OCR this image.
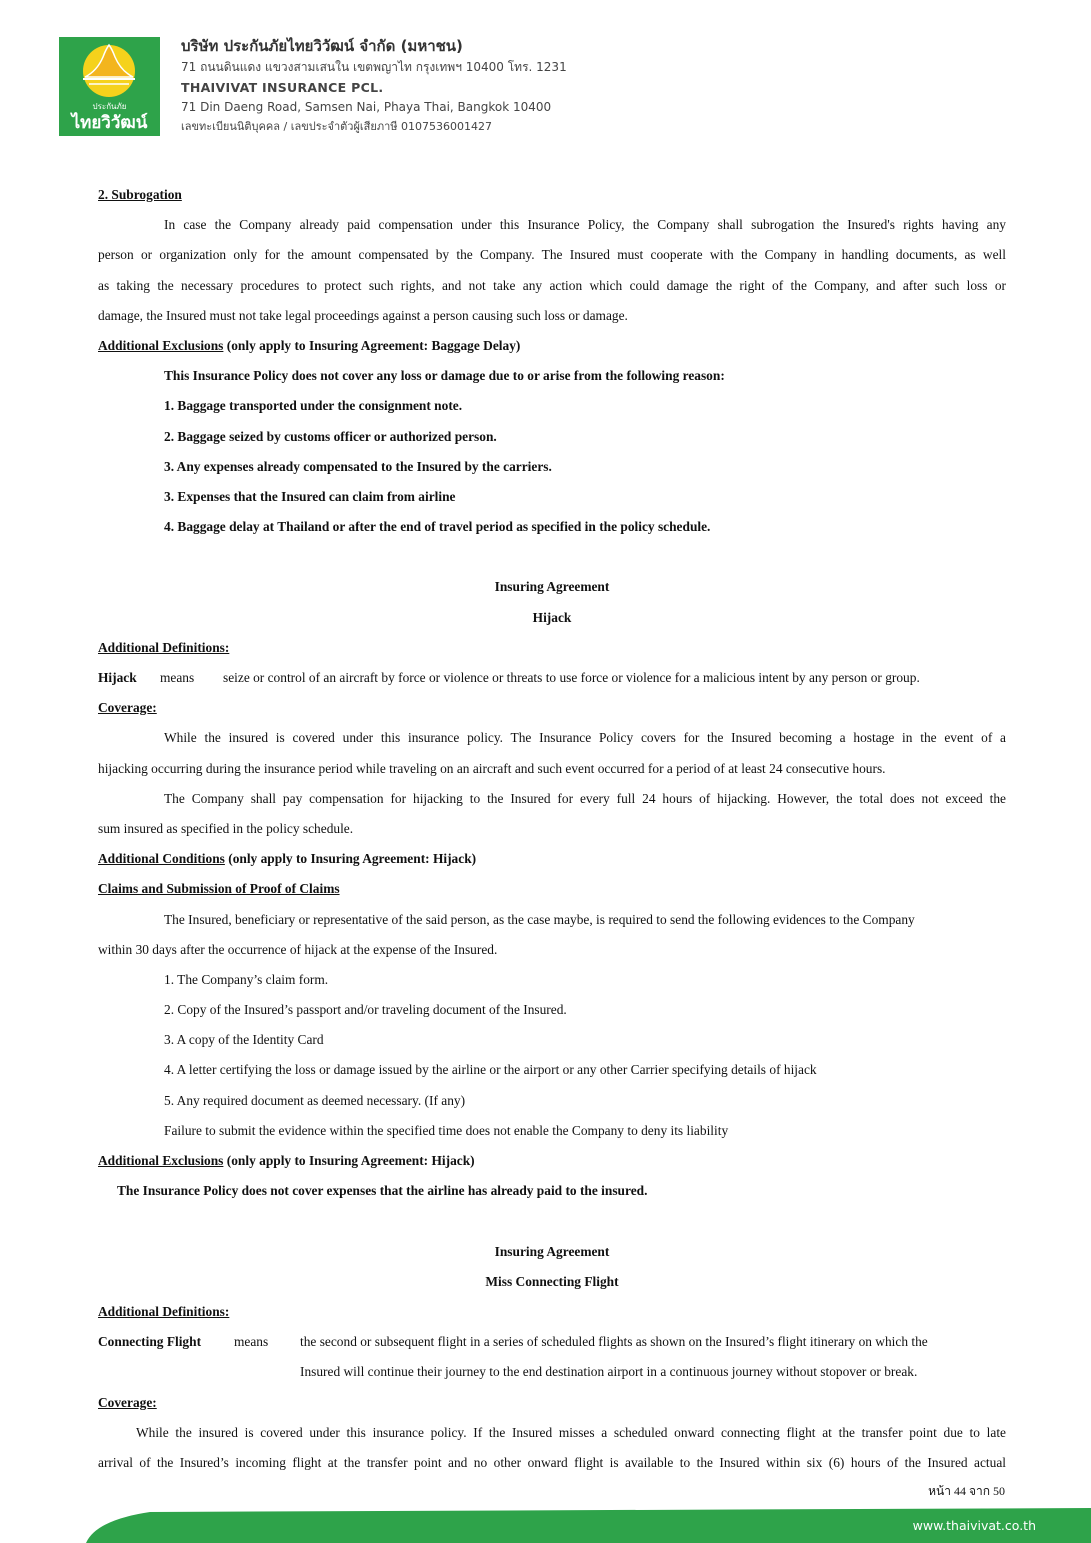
ประกันภัย
ไทยวิวัฒน์
บริษัท ประกันภัยไทยวิวัฒน์ จำกัด (มหาชน)
71 ถนนดินแดง แขวงสามเสนใน เขตพญาไท กรุงเทพฯ 10400 โทร. 1231
THAIVIVAT INSURANCE PCL.
71 Din Daeng Road, Samsen Nai, Phaya Thai, Bangkok 10400
เลขทะเบียนนิติบุคคล / เลขประจำตัวผู้เสียภาษี 0107536001427
2. Subrogation
In case the Company already paid compensation under this Insurance Policy, the Company shall subrogation the Insured's rights having any
person or organization only for the amount compensated by the Company. The Insured must cooperate with the Company in handling documents, as well
as taking the necessary procedures to protect such rights, and not take any action which could damage the right of the Company, and after such loss or
damage, the Insured must not take legal proceedings against a person causing such loss or damage.
Additional Exclusions (only apply to Insuring Agreement: Baggage Delay)
This Insurance Policy does not cover any loss or damage due to or arise from the following reason:
1. Baggage transported under the consignment note.
2. Baggage seized by customs officer or authorized person.
3. Any expenses already compensated to the Insured by the carriers.
3. Expenses that the Insured can claim from airline
4. Baggage delay at Thailand or after the end of travel period as specified in the policy schedule.
Insuring Agreement
Hijack
Additional Definitions:
Hijack means seize or control of an aircraft by force or violence or threats to use force or violence for a malicious intent by any person or group.
Coverage:
While the insured is covered under this insurance policy. The Insurance Policy covers for the Insured becoming a hostage in the event of a
hijacking occurring during the insurance period while traveling on an aircraft and such event occurred for a period of at least 24 consecutive hours.
The Company shall pay compensation for hijacking to the Insured for every full 24 hours of hijacking. However, the total does not exceed the
sum insured as specified in the policy schedule.
Additional Conditions (only apply to Insuring Agreement: Hijack)
Claims and Submission of Proof of Claims
The Insured, beneficiary or representative of the said person, as the case maybe, is required to send the following evidences to the Company
within 30 days after the occurrence of hijack at the expense of the Insured.
1. The Company’s claim form.
2. Copy of the Insured’s passport and/or traveling document of the Insured.
3. A copy of the Identity Card
4. A letter certifying the loss or damage issued by the airline or the airport or any other Carrier specifying details of hijack
5. Any required document as deemed necessary. (If any)
Failure to submit the evidence within the specified time does not enable the Company to deny its liability
Additional Exclusions (only apply to Insuring Agreement: Hijack)
The Insurance Policy does not cover expenses that the airline has already paid to the insured.
Insuring Agreement
Miss Connecting Flight
Additional Definitions:
Connecting Flight means the second or subsequent flight in a series of scheduled flights as shown on the Insured’s flight itinerary on which the
Insured will continue their journey to the end destination airport in a continuous journey without stopover or break.
Coverage:
While the insured is covered under this insurance policy. If the Insured misses a scheduled onward connecting flight at the transfer point due to late
arrival of the Insured’s incoming flight at the transfer point and no other onward flight is available to the Insured within six (6) hours of the Insured actual
หน้า 44 จาก 50
www.thaivivat.co.th
